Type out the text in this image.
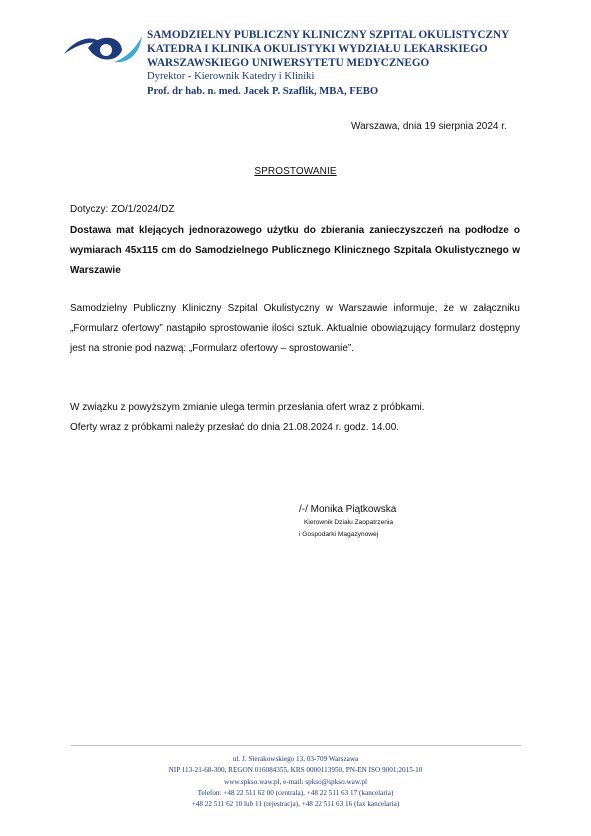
SAMODZIELNY PUBLICZNY KLINICZNY SZPITAL OKULISTYCZNY
KATEDRA I KLINIKA OKULISTYKI WYDZIAŁU LEKARSKIEGO
WARSZAWSKIEGO UNIWERSYTETU MEDYCZNEGO
Dyrektor - Kierownik Katedry i Kliniki
Prof. dr hab. n. med. Jacek P. Szaflik, MBA, FEBO
Warszawa, dnia 19 sierpnia 2024 r.
SPROSTOWANIE
Dotyczy: ZO/1/2024/DZ

Dostawa mat klejących jednorazowego użytku do zbierania zanieczyszczeń na podłodze o wymiarach 45x115 cm do Samodzielnego Publicznego Klinicznego Szpitala Okulistycznego w Warszawie

Samodzielny Publiczny Kliniczny Szpital Okulistyczny w Warszawie informuje, że w załączniku „Formularz ofertowy” nastąpiło sprostowanie ilości sztuk. Aktualnie obowiązujący formularz dostępny jest na stronie pod nazwą: „Formularz ofertowy – sprostowanie”.

W związku z powyższym zmianie ulega termin przesłania ofert wraz z próbkami.
Oferty wraz z próbkami należy przesłać do dnia 21.08.2024 r. godz. 14.00.
/-/ Monika Piątkowska
Kierownik Działu Zaopatrzenia
i Gospodarki Magazynowej
ul. J. Sierakowskiego 13, 03-709 Warszawa
NIP 113-21-68-300, REGON 016084355, KRS 0000113950, PN-EN ISO 9001:2015-10
www.spkso.waw.pl, e-mail: spkso@spkso.waw.pl
Telefon: +48 22 511 62 00 (centrala), +48 22 511 63 17 (kancelaria)
+48 22 511 62 10 lub 11 (rejestracja), +48 22 511 63 16 (fax kancelaria)
